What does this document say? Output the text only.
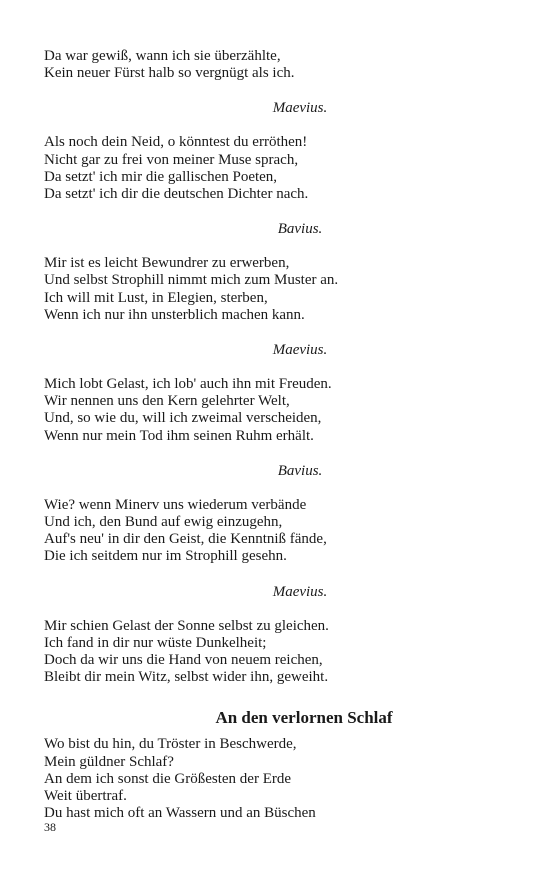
Da war gewiß, wann ich sie überzählte,
Kein neuer Fürst halb so vergnügt als ich.
Maevius.
Als noch dein Neid, o könntest du erröthen!
Nicht gar zu frei von meiner Muse sprach,
Da setzt' ich mir die gallischen Poeten,
Da setzt' ich dir die deutschen Dichter nach.
Bavius.
Mir ist es leicht Bewundrer zu erwerben,
Und selbst Strophill nimmt mich zum Muster an.
Ich will mit Lust, in Elegien, sterben,
Wenn ich nur ihn unsterblich machen kann.
Maevius.
Mich lobt Gelast, ich lob' auch ihn mit Freuden.
Wir nennen uns den Kern gelehrter Welt,
Und, so wie du, will ich zweimal verscheiden,
Wenn nur mein Tod ihm seinen Ruhm erhält.
Bavius.
Wie? wenn Minerv uns wiederum verbände
Und ich, den Bund auf ewig einzugehn,
Auf's neu' in dir den Geist, die Kenntniß fände,
Die ich seitdem nur im Strophill gesehn.
Maevius.
Mir schien Gelast der Sonne selbst zu gleichen.
Ich fand in dir nur wüste Dunkelheit;
Doch da wir uns die Hand von neuem reichen,
Bleibt dir mein Witz, selbst wider ihn, geweiht.
An den verlornen Schlaf
Wo bist du hin, du Tröster in Beschwerde,
Mein güldner Schlaf?
An dem ich sonst die Größesten der Erde
Weit übertraf.
Du hast mich oft an Wassern und an Büschen
38
